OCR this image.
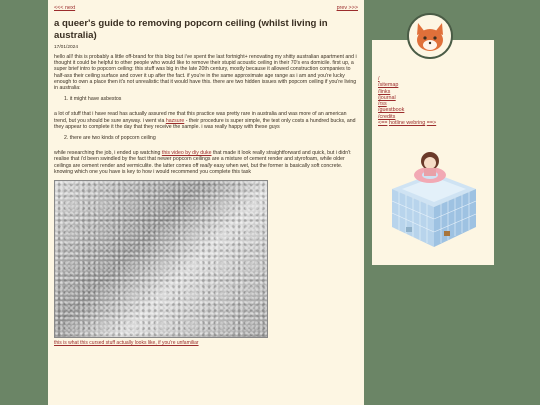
<<< next	prev >>>
a queer's guide to removing popcorn ceiling (whilst living in australia)
17/01/2024

hello all! this is probably a little off-brand for this blog but i've spent the last fortnight+ renovating my shitty australian apartment and i thought it could be helpful to other people who would like to remove their stupid acoustic ceiling in their 70's era domicile. first up, a super brief intro to popcorn ceiling: this stuff was big in the late 20th century, mostly because it allowed construction companies to half-ass their ceiling surface and cover it up after the fact. if you're in the same approximate age range as i am and you're lucky enough to own a place then it's not unrealistic that it would have this. there are two hidden issues with popcorn ceiling if you're living in australia:

1. it might have asbestos

a lot of stuff that i have read has actually assured me that this practice was pretty rare in australia and was more of an american trend, but you should be sure anyway. i went via hazsure - their procedure is super simple, the test only costs a hundred bucks, and they appear to complete it the day that they receive the sample. i was really happy with these guys

2. there are two kinds of popcorn ceiling

while researching the job, i ended up watching this video by diy duke that made it look really straightforward and quick, but i didn't realise that i'd been swindled by the fact that newer popcorn ceilings are a mixture of cement render and styrofoam, while older ceilings are cement render and vermiculite. the latter comes off really easy when wet, but the former is basically soft concrete. knowing which one you have is key to how i would recommend you complete this task

this is what this cursed stuff actually looks like, if you're unfamiliar
/
/sitemap
/links
/journal
/rss
/guestbook
/credits
<== hotline webring ==>
